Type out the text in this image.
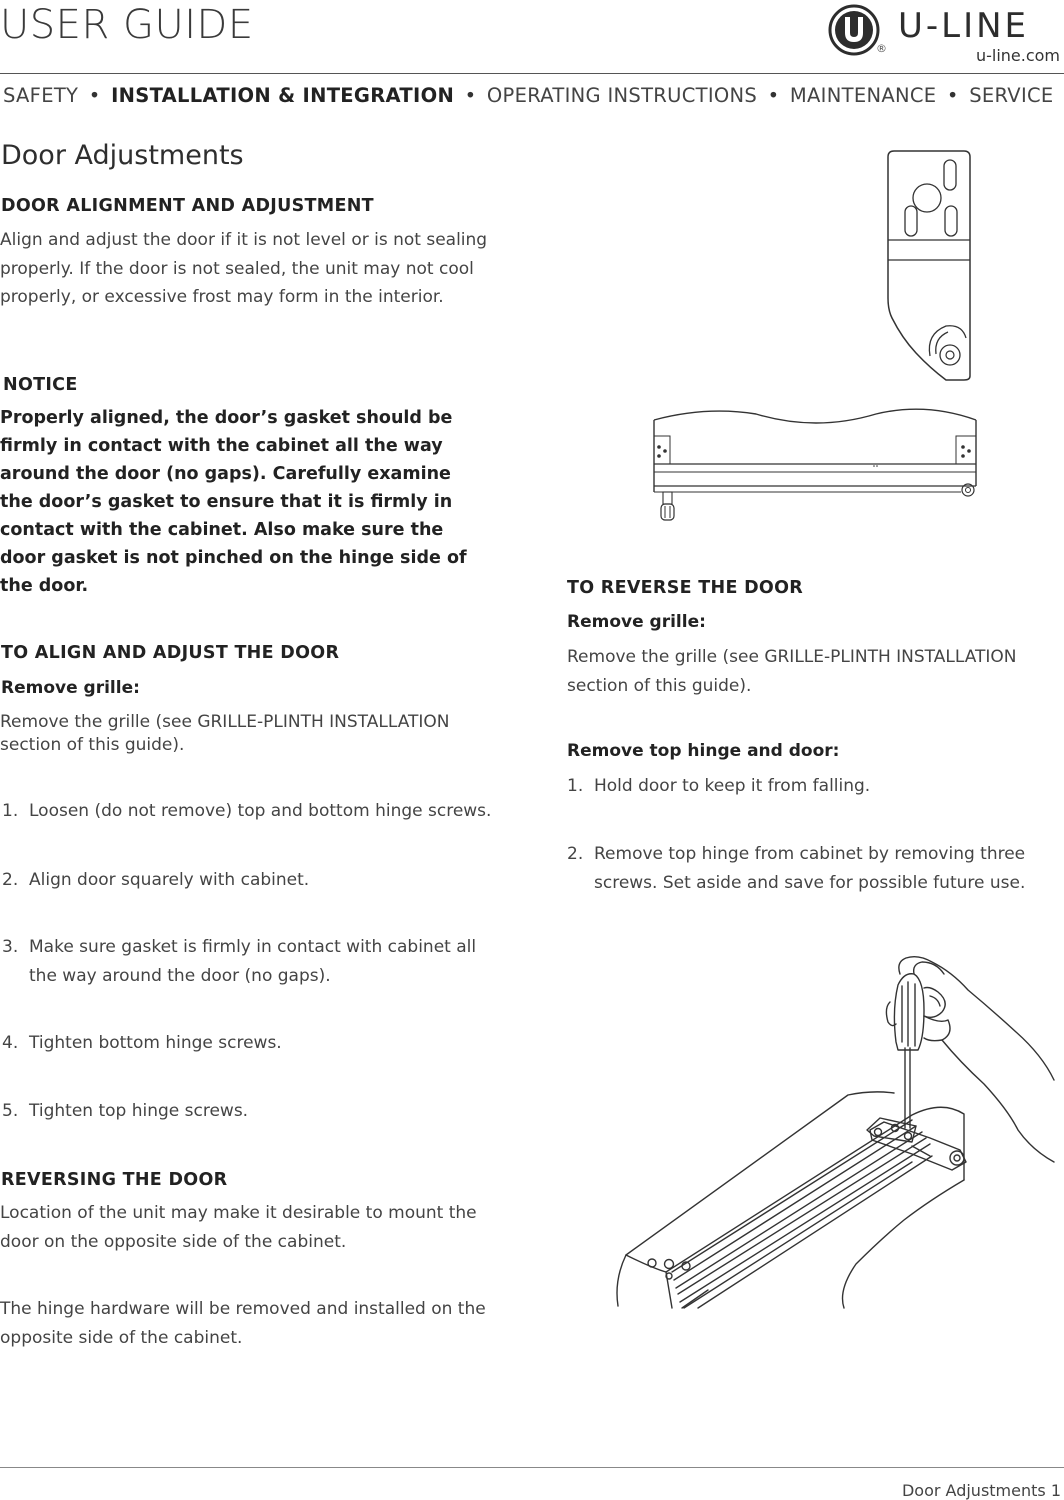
USER GUIDE
®
U-LINE
u-line.com
SAFETY • INSTALLATION & INTEGRATION • OPERATING INSTRUCTIONS • MAINTENANCE • SERVICE
Door Adjustments
DOOR ALIGNMENT AND ADJUSTMENT
Align and adjust the door if it is not level or is not sealing
properly. If the door is not sealed, the unit may not cool
properly, or excessive frost may form in the interior.
NOTICE
Properly aligned, the door’s gasket should be
firmly in contact with the cabinet all the way
around the door (no gaps). Carefully examine
the door’s gasket to ensure that it is firmly in
contact with the cabinet. Also make sure the
door gasket is not pinched on the hinge side of
the door.
TO ALIGN AND ADJUST THE DOOR
Remove grille:
Remove the grille (see GRILLE-PLINTH INSTALLATION
section of this guide).
1. Loosen (do not remove) top and bottom hinge screws.
2. Align door squarely with cabinet.
3. Make sure gasket is firmly in contact with cabinet all
the way around the door (no gaps).
4. Tighten bottom hinge screws.
5. Tighten top hinge screws.
REVERSING THE DOOR
Location of the unit may make it desirable to mount the
door on the opposite side of the cabinet.
The hinge hardware will be removed and installed on the
opposite side of the cabinet.
TO REVERSE THE DOOR
Remove grille:
Remove the grille (see GRILLE-PLINTH INSTALLATION
section of this guide).
Remove top hinge and door:
1. Hold door to keep it from falling.
2. Remove top hinge from cabinet by removing three
screws. Set aside and save for possible future use.
Door Adjustments 1
